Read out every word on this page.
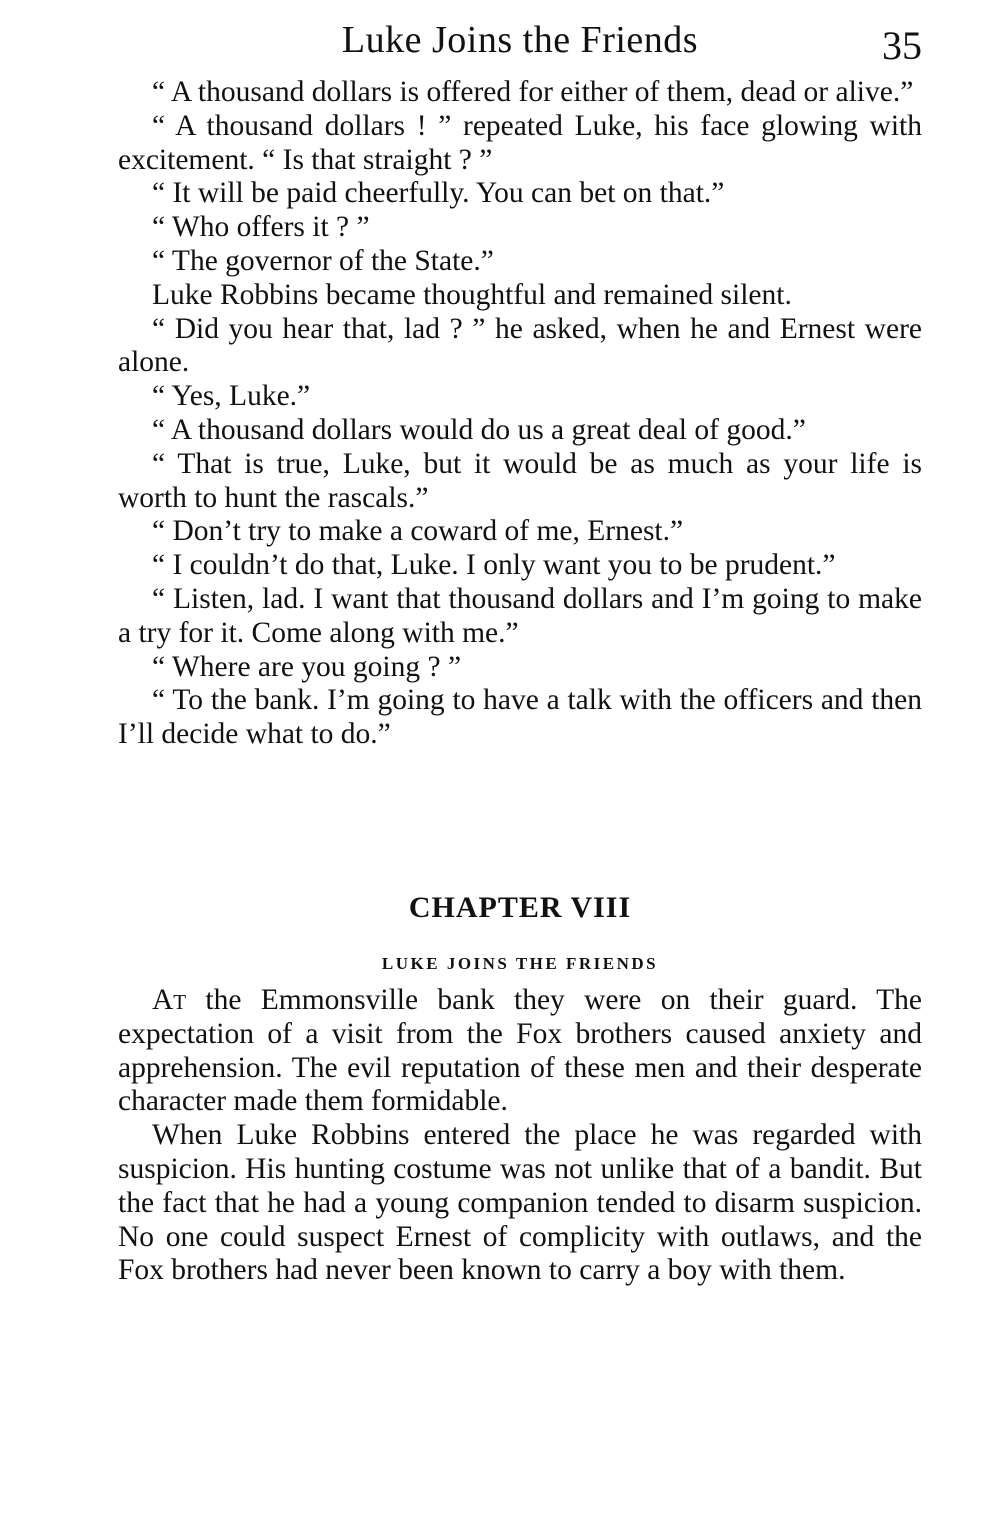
Luke Joins the Friends	35

“ A thousand dollars is offered for either of them, dead or alive.”

“ A thousand dollars ! ” repeated Luke, his face glowing with excitement. “ Is that straight ? ”

“ It will be paid cheerfully. You can bet on that.”

“ Who offers it ? ”

“ The governor of the State.”

Luke Robbins became thoughtful and remained silent.

“ Did you hear that, lad ? ” he asked, when he and Ernest were alone.

“ Yes, Luke.”

“ A thousand dollars would do us a great deal of good.”

“ That is true, Luke, but it would be as much as your life is worth to hunt the rascals.”

“ Don’t try to make a coward of me, Ernest.”

“ I couldn’t do that, Luke. I only want you to be prudent.”

“ Listen, lad. I want that thousand dollars and I’m going to make a try for it. Come along with me.”

“ Where are you going ? ”

“ To the bank. I’m going to have a talk with the officers and then I’ll decide what to do.”

CHAPTER VIII
LUKE JOINS THE FRIENDS

At the Emmonsville bank they were on their guard. The expectation of a visit from the Fox brothers caused anxiety and apprehension. The evil reputation of these men and their desperate character made them formidable.

When Luke Robbins entered the place he was regarded with suspicion. His hunting costume was not unlike that of a bandit. But the fact that he had a young companion tended to disarm suspicion. No one could suspect Ernest of complicity with outlaws, and the Fox brothers had never been known to carry a boy with them.
